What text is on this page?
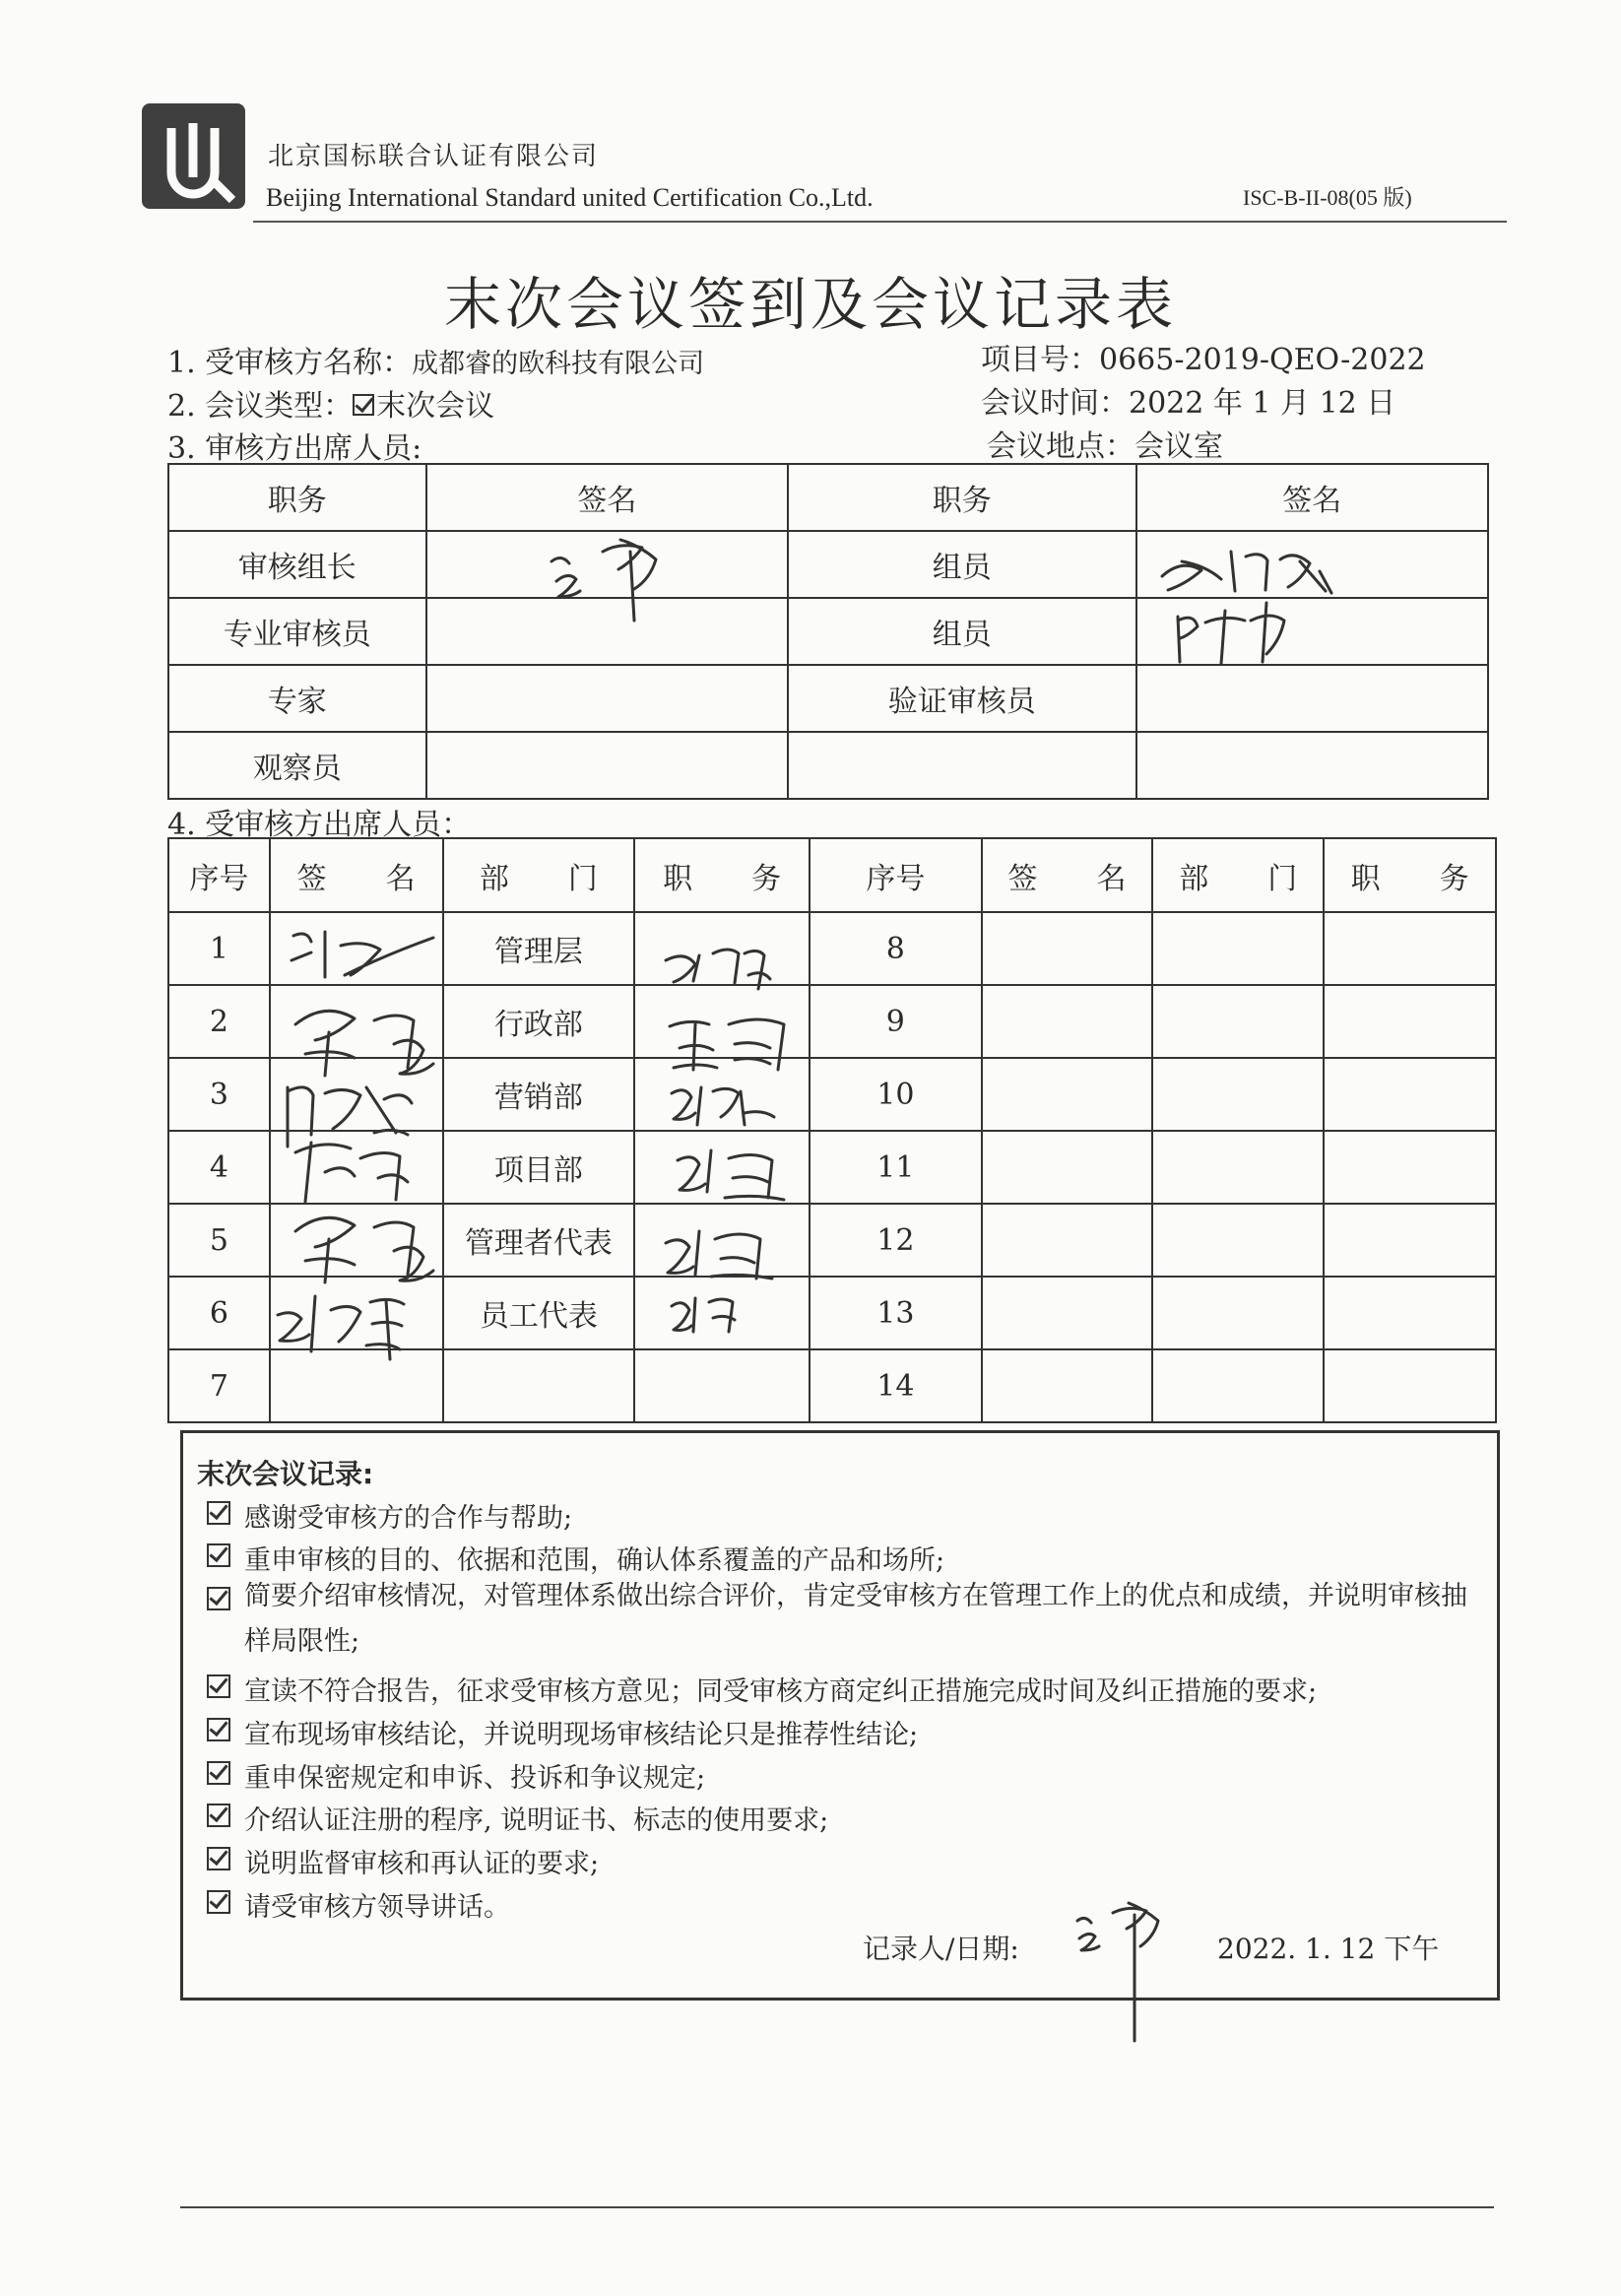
北京国标联合认证有限公司
Beijing International Standard united Certification Co.,Ltd.	ISC-B-II-08(05 版)
末次会议签到及会议记录表
1. 受审核方名称：成都睿的欧科技有限公司	项目号：0665-2019-QEO-2022
2. 会议类型： 末次会议	会议时间：2022 年 1 月 12 日
3. 审核方出席人员:	会议地点：会议室
职务	签名	职务	签名
审核组长		组员	
专业审核员		组员	
专家		验证审核员	
观察员			
4. 受审核方出席人员：
序号	签　　名	部　　门	职　　务	序号	签　　名	部　　门	职　　务
1		管理层		8			
2		行政部		9			
3		营销部		10			
4		项目部		11			
5		管理者代表		12			
6		员工代表		13			
7				14			
末次会议记录:
感谢受审核方的合作与帮助;
重申审核的目的、依据和范围，确认体系覆盖的产品和场所;
简要介绍审核情况，对管理体系做出综合评价，肯定受审核方在管理工作上的优点和成绩，并说明审核抽样局限性;
宣读不符合报告，征求受审核方意见；同受审核方商定纠正措施完成时间及纠正措施的要求;
宣布现场审核结论，并说明现场审核结论只是推荐性结论;
重申保密规定和申诉、投诉和争议规定;
介绍认证注册的程序, 说明证书、标志的使用要求;
说明监督审核和再认证的要求;
请受审核方领导讲话。
记录人/日期:	2022. 1. 12 下午
